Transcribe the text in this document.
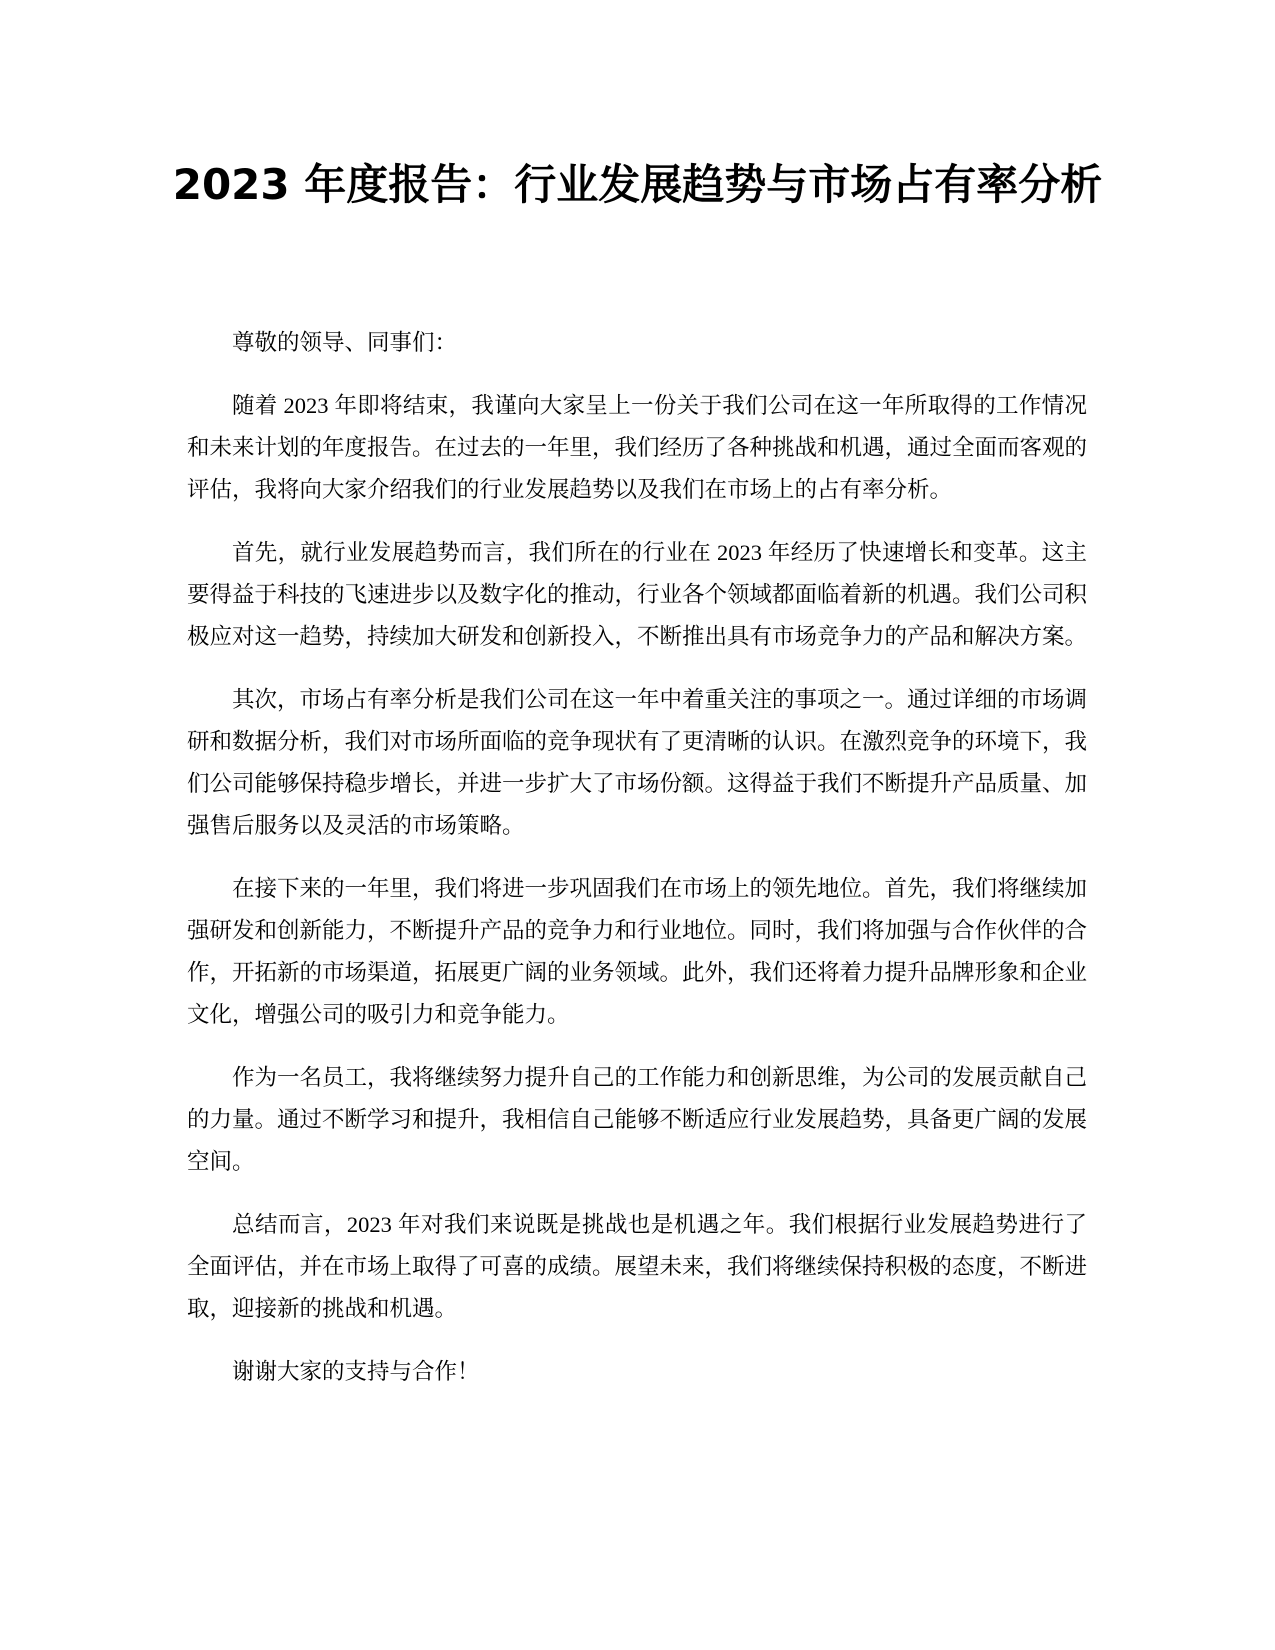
2023 年度报告：行业发展趋势与市场占有率分析

尊敬的领导、同事们：

随着 2023 年即将结束，我谨向大家呈上一份关于我们公司在这一年所取得的工作情况和未来计划的年度报告。在过去的一年里，我们经历了各种挑战和机遇，通过全面而客观的评估，我将向大家介绍我们的行业发展趋势以及我们在市场上的占有率分析。

首先，就行业发展趋势而言，我们所在的行业在 2023 年经历了快速增长和变革。这主要得益于科技的飞速进步以及数字化的推动，行业各个领域都面临着新的机遇。我们公司积极应对这一趋势，持续加大研发和创新投入，不断推出具有市场竞争力的产品和解决方案。

其次，市场占有率分析是我们公司在这一年中着重关注的事项之一。通过详细的市场调研和数据分析，我们对市场所面临的竞争现状有了更清晰的认识。在激烈竞争的环境下，我们公司能够保持稳步增长，并进一步扩大了市场份额。这得益于我们不断提升产品质量、加强售后服务以及灵活的市场策略。

在接下来的一年里，我们将进一步巩固我们在市场上的领先地位。首先，我们将继续加强研发和创新能力，不断提升产品的竞争力和行业地位。同时，我们将加强与合作伙伴的合作，开拓新的市场渠道，拓展更广阔的业务领域。此外，我们还将着力提升品牌形象和企业文化，增强公司的吸引力和竞争能力。

作为一名员工，我将继续努力提升自己的工作能力和创新思维，为公司的发展贡献自己的力量。通过不断学习和提升，我相信自己能够不断适应行业发展趋势，具备更广阔的发展空间。

总结而言，2023 年对我们来说既是挑战也是机遇之年。我们根据行业发展趋势进行了全面评估，并在市场上取得了可喜的成绩。展望未来，我们将继续保持积极的态度，不断进取，迎接新的挑战和机遇。

谢谢大家的支持与合作！
